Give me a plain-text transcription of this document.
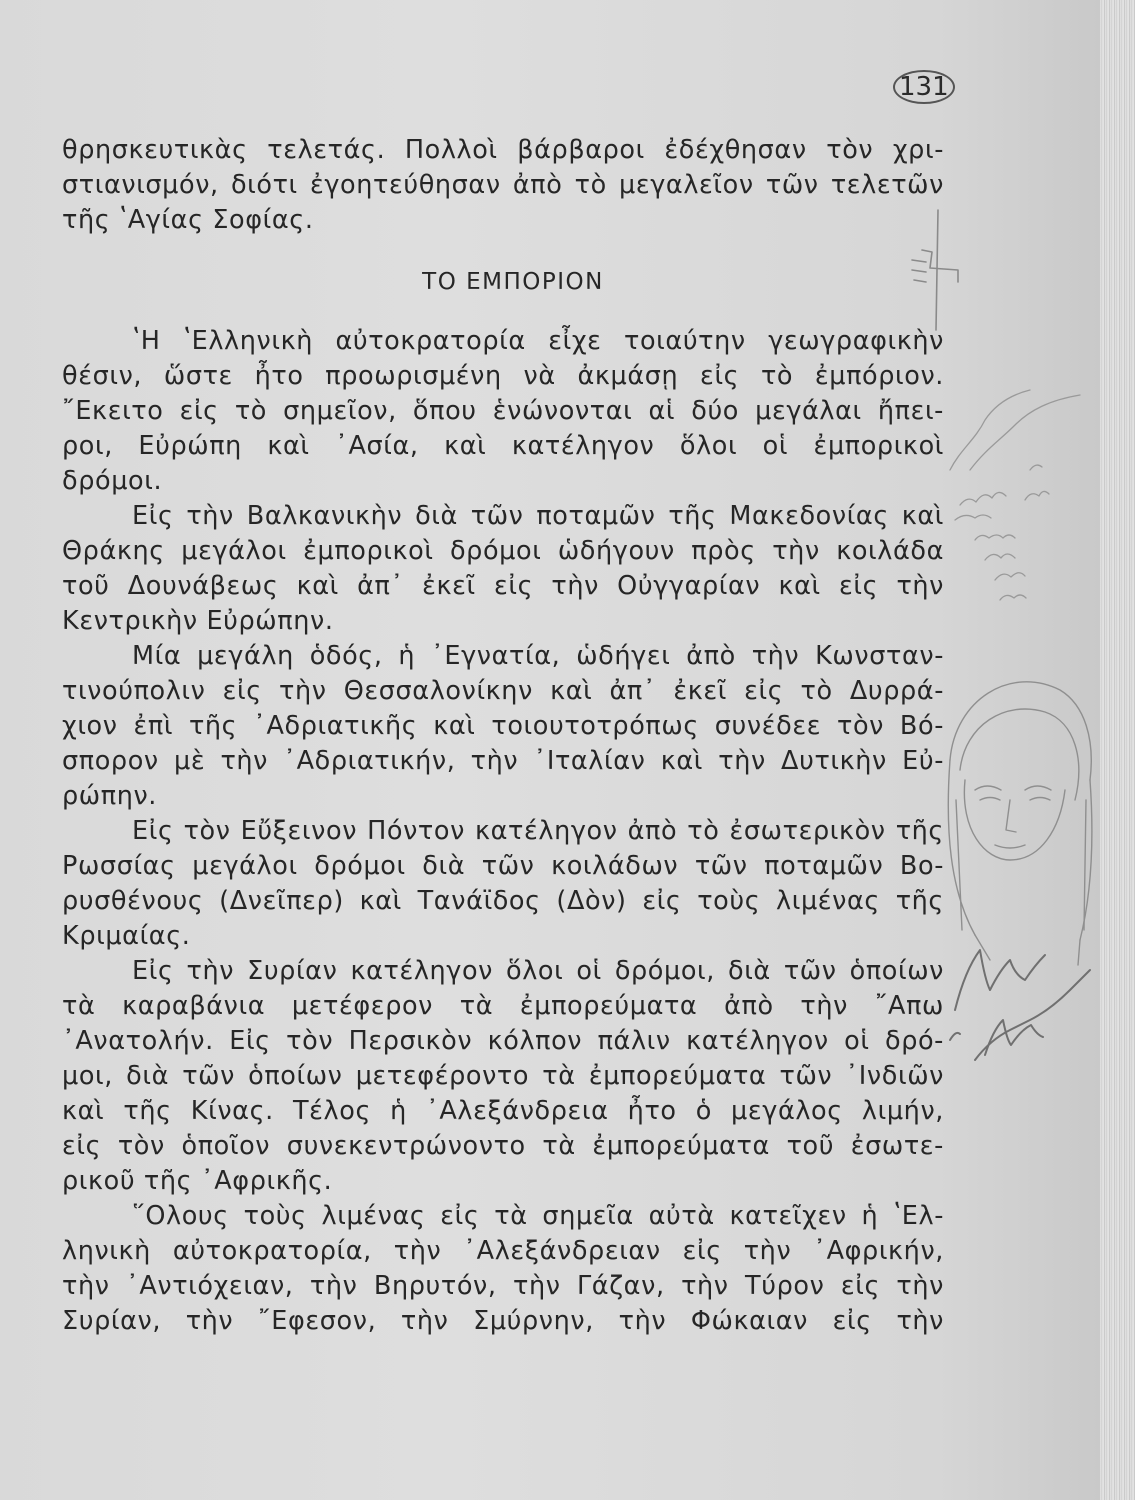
131
θρησκευτικὰς τελετάς. Πολλοὶ βάρβαροι ἐδέχθησαν τὸν χρι-
στιανισμόν, διότι ἐγοητεύθησαν ἀπὸ τὸ μεγαλεῖον τῶν τελετῶν
τῆς ʽΑγίας Σοφίας.
ΤΟ ΕΜΠΟΡΙΟΝ
ʽΗ ʽΕλληνικὴ αὐτοκρατορία εἶχε τοιαύτην γεωγραφικὴν
θέσιν, ὥστε ἦτο προωρισμένη νὰ ἀκμάσῃ εἰς τὸ ἐμπόριον.
῎Εκειτο εἰς τὸ σημεῖον, ὅπου ἑνώνονται αἱ δύο μεγάλαι ἤπει-
ροι, Εὐρώπη καὶ ᾽Ασία, καὶ κατέληγον ὅλοι οἱ ἐμπορικοὶ
δρόμοι.
Εἰς τὴν Βαλκανικὴν διὰ τῶν ποταμῶν τῆς Μακεδονίας καὶ
Θράκης μεγάλοι ἐμπορικοὶ δρόμοι ὡδήγουν πρὸς τὴν κοιλάδα
τοῦ Δουνάβεως καὶ ἀπ᾽ ἐκεῖ εἰς τὴν Οὐγγαρίαν καὶ εἰς τὴν
Κεντρικὴν Εὐρώπην.
Μία μεγάλη ὁδός, ἡ ᾽Εγνατία, ὡδήγει ἀπὸ τὴν Κωνσταν-
τινούπολιν εἰς τὴν Θεσσαλονίκην καὶ ἀπ᾽ ἐκεῖ εἰς τὸ Δυρρά-
χιον ἐπὶ τῆς ᾽Αδριατικῆς καὶ τοιουτοτρόπως συνέδεε τὸν Βό-
σπορον μὲ τὴν ᾽Αδριατικήν, τὴν ᾽Ιταλίαν καὶ τὴν Δυτικὴν Εὐ-
ρώπην.
Εἰς τὸν Εὔξεινον Πόντον κατέληγον ἀπὸ τὸ ἐσωτερικὸν τῆς
Ρωσσίας μεγάλοι δρόμοι διὰ τῶν κοιλάδων τῶν ποταμῶν Βο-
ρυσθένους (Δνεῖπερ) καὶ Τανάϊδος (Δὸν) εἰς τοὺς λιμένας τῆς
Κριμαίας.
Εἰς τὴν Συρίαν κατέληγον ὅλοι οἱ δρόμοι, διὰ τῶν ὁποίων
τὰ καραβάνια μετέφερον τὰ ἐμπορεύματα ἀπὸ τὴν ῎Απω
᾽Ανατολήν. Εἰς τὸν Περσικὸν κόλπον πάλιν κατέληγον οἱ δρό-
μοι, διὰ τῶν ὁποίων μετεφέροντο τὰ ἐμπορεύματα τῶν ᾽Ινδιῶν
καὶ τῆς Κίνας. Τέλος ἡ ᾽Αλεξάνδρεια ἦτο ὁ μεγάλος λιμήν,
εἰς τὸν ὁποῖον συνεκεντρώνοντο τὰ ἐμπορεύματα τοῦ ἐσωτε-
ρικοῦ τῆς ᾽Αφρικῆς.
῞Ολους τοὺς λιμένας εἰς τὰ σημεῖα αὐτὰ κατεῖχεν ἡ ʽΕλ-
ληνικὴ αὐτοκρατορία, τὴν ᾽Αλεξάνδρειαν εἰς τὴν ᾽Αφρικήν,
τὴν ᾽Αντιόχειαν, τὴν Βηρυτόν, τὴν Γάζαν, τὴν Τύρον εἰς τὴν
Συρίαν, τὴν ῎Εφεσον, τὴν Σμύρνην, τὴν Φώκαιαν εἰς τὴν
